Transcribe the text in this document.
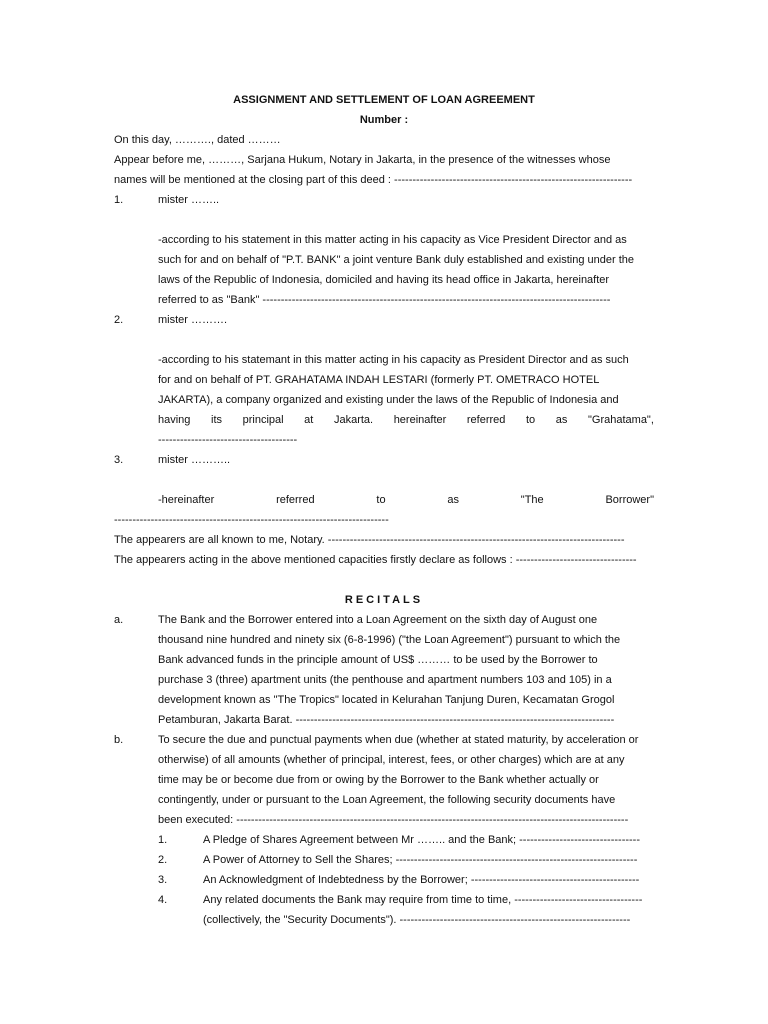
ASSIGNMENT AND SETTLEMENT OF LOAN AGREEMENT
Number :
On this day, ………., dated ………
Appear before me, ………, Sarjana Hukum, Notary in Jakarta, in the presence of the witnesses whose
names will be mentioned at the closing part of this deed : -----------------------------------------------------------------
1.	mister ……..
-according to his statement in this matter acting in his capacity as Vice President Director and as
such for and on behalf of "P.T. BANK" a joint venture Bank duly established and existing under the
laws of the Republic of Indonesia, domiciled and having its head office in Jakarta, hereinafter
referred to as "Bank" -----------------------------------------------------------------------------------------------
2.	mister ……….
-according to his statemant in this matter acting in his capacity as President Director and as such
for and on behalf of PT. GRAHATAMA INDAH LESTARI (formerly PT. OMETRACO HOTEL
JAKARTA), a company organized and existing under the laws of the Republic of Indonesia and
having its principal at Jakarta. hereinafter referred to as "Grahatama",
--------------------------------------
3.	mister ………..
-hereinafter	referred	to	as	"The	Borrower"
---------------------------------------------------------------------------
The appearers are all known to me, Notary. ---------------------------------------------------------------------------------
The appearers acting in the above mentioned capacities firstly declare as follows : ---------------------------------
RECITALS
a.	The Bank and the Borrower entered into a Loan Agreement on the sixth day of August one
thousand nine hundred and ninety six (6-8-1996) ("the Loan Agreement") pursuant to which the
Bank advanced funds in the principle amount of US$ ……… to be used by the Borrower to
purchase 3 (three) apartment units (the penthouse and apartment numbers 103 and 105) in a
development known as "The Tropics" located in Kelurahan Tanjung Duren, Kecamatan Grogol
Petamburan, Jakarta Barat. ---------------------------------------------------------------------------------------
b.	To secure the due and punctual payments when due (whether at stated maturity, by acceleration or
otherwise) of all amounts (whether of principal, interest, fees, or other charges) which are at any
time may be or become due from or owing by the Borrower to the Bank whether actually or
contingently, under or pursuant to the Loan Agreement, the following security documents have
been executed: -----------------------------------------------------------------------------------------------------------
1.	A Pledge of Shares Agreement between Mr …….. and the Bank; ---------------------------------
2.	A Power of Attorney to Sell the Shares; ------------------------------------------------------------------
3.	An Acknowledgment of Indebtedness by the Borrower; ----------------------------------------------
4.	Any related documents the Bank may require from time to time, -----------------------------------
(collectively, the "Security Documents"). ---------------------------------------------------------------
